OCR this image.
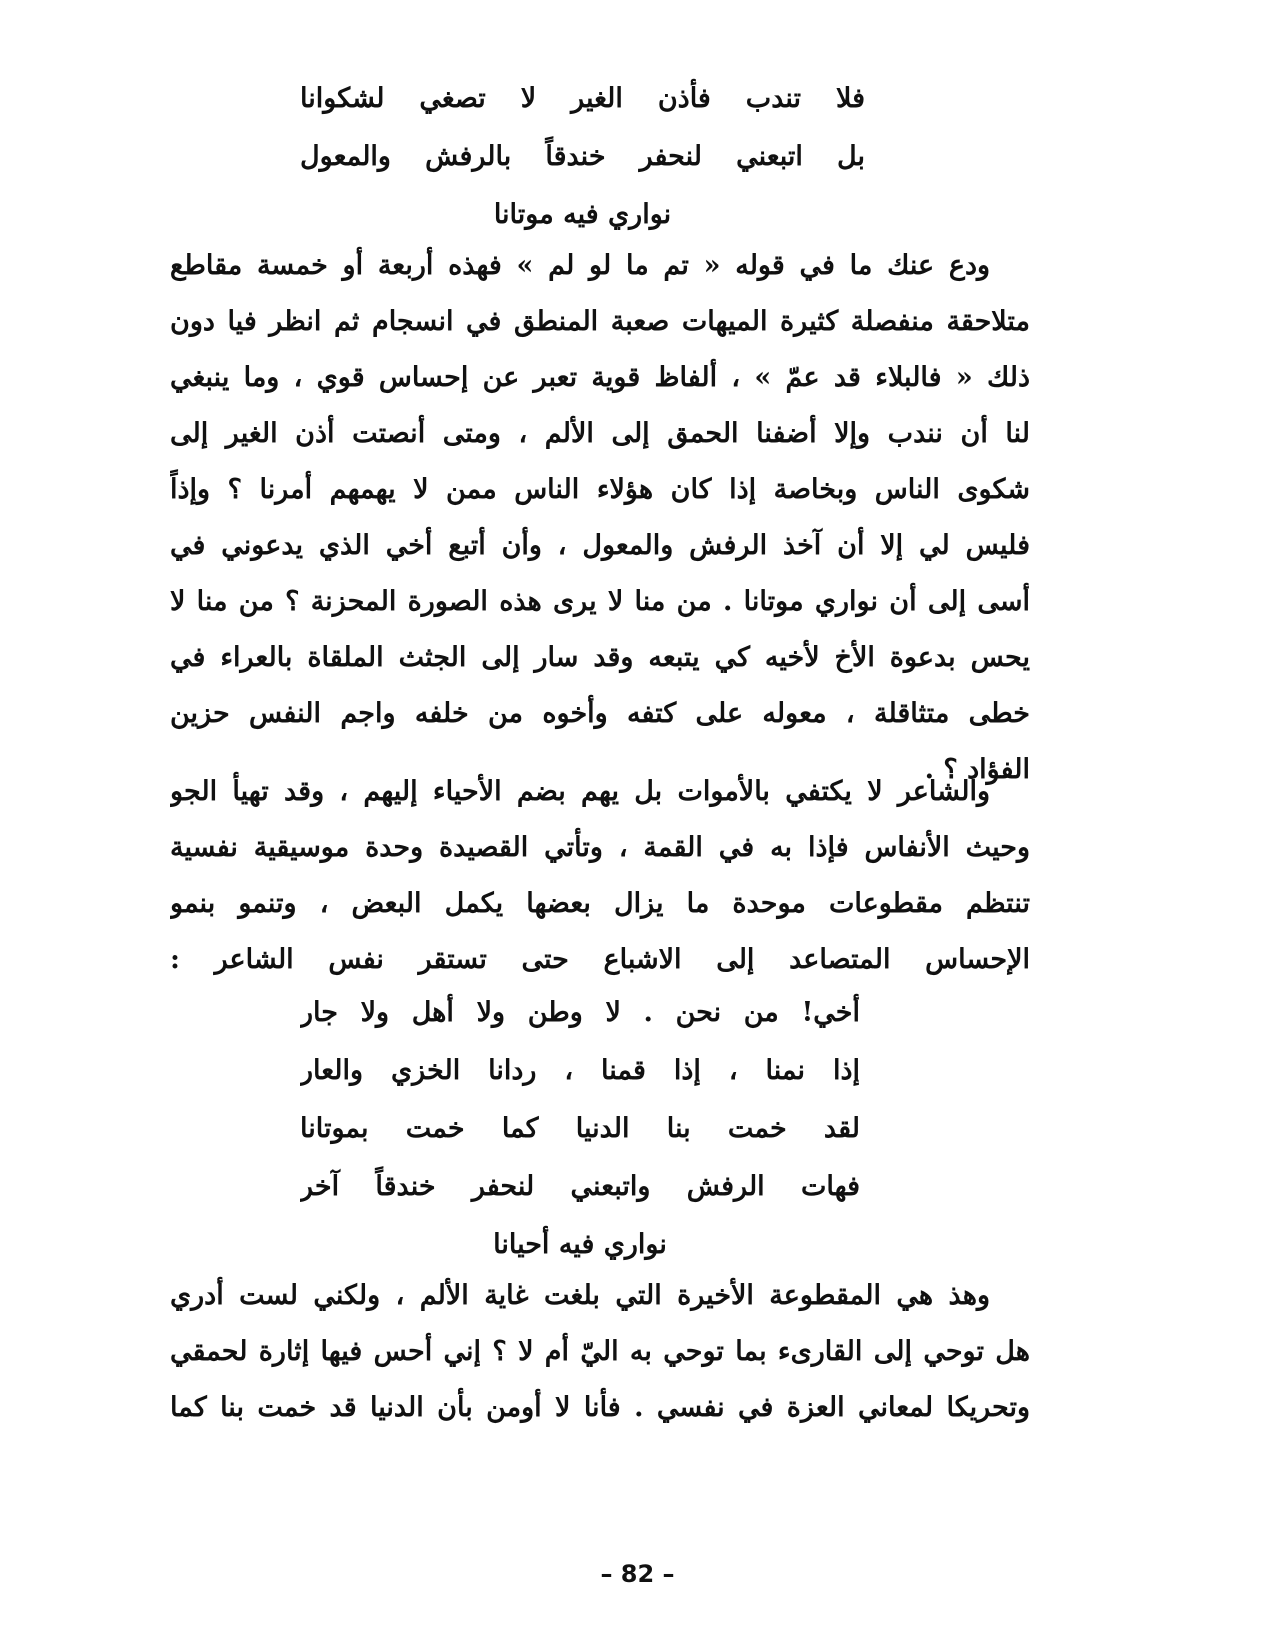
فلا تندب فأذن الغير لا تصغي لشكوانا
بل اتبعني لنحفر خندقاً بالرفش والمعول
نواري فيه موتانا
ودع عنك ما في قوله « تم ما لو لم » فهذه أربعة أو خمسة مقاطع
متلاحقة منفصلة كثيرة الميهات صعبة المنطق في انسجام ثم انظر فيا دون
ذلك « فالبلاء قد عمّ » ، ألفاظ قوية تعبر عن إحساس قوي ، وما ينبغي
لنا أن نندب وإلا أضفنا الحمق إلى الألم ، ومتى أنصتت أذن الغير إلى
شكوى الناس وبخاصة إذا كان هؤلاء الناس ممن لا يهمهم أمرنا ؟ وإذاً
فليس لي إلا أن آخذ الرفش والمعول ، وأن أتبع أخي الذي يدعوني في
أسى إلى أن نواري موتانا . من منا لا يرى هذه الصورة المحزنة ؟ من منا لا
يحس بدعوة الأخ لأخيه كي يتبعه وقد سار إلى الجثث الملقاة بالعراء في
خطى متثاقلة ، معوله على كتفه وأخوه من خلفه واجم النفس حزين
الفؤاد ؟ .
والشاعر لا يكتفي بالأموات بل يهم بضم الأحياء إليهم ، وقد تهيأ الجو
وحيث الأنفاس فإذا به في القمة ، وتأتي القصيدة وحدة موسيقية نفسية
تنتظم مقطوعات موحدة ما يزال بعضها يكمل البعض ، وتنمو بنمو
الإحساس المتصاعد إلى الاشباع حتى تستقر نفس الشاعر :
أخي! من نحن . لا وطن ولا أهل ولا جار
إذا نمنا ، إذا قمنا ، ردانا الخزي والعار
لقد خمت بنا الدنيا كما خمت بموتانا
فهات الرفش واتبعني لنحفر خندقاً آخر
نواري فيه أحيانا
وهذ هي المقطوعة الأخيرة التي بلغت غاية الألم ، ولكني لست أدري
هل توحي إلى القارىء بما توحي به اليّ أم لا ؟ إني أحس فيها إثارة لحمقي
وتحريكا لمعاني العزة في نفسي . فأنا لا أومن بأن الدنيا قد خمت بنا كما
– 82 –
